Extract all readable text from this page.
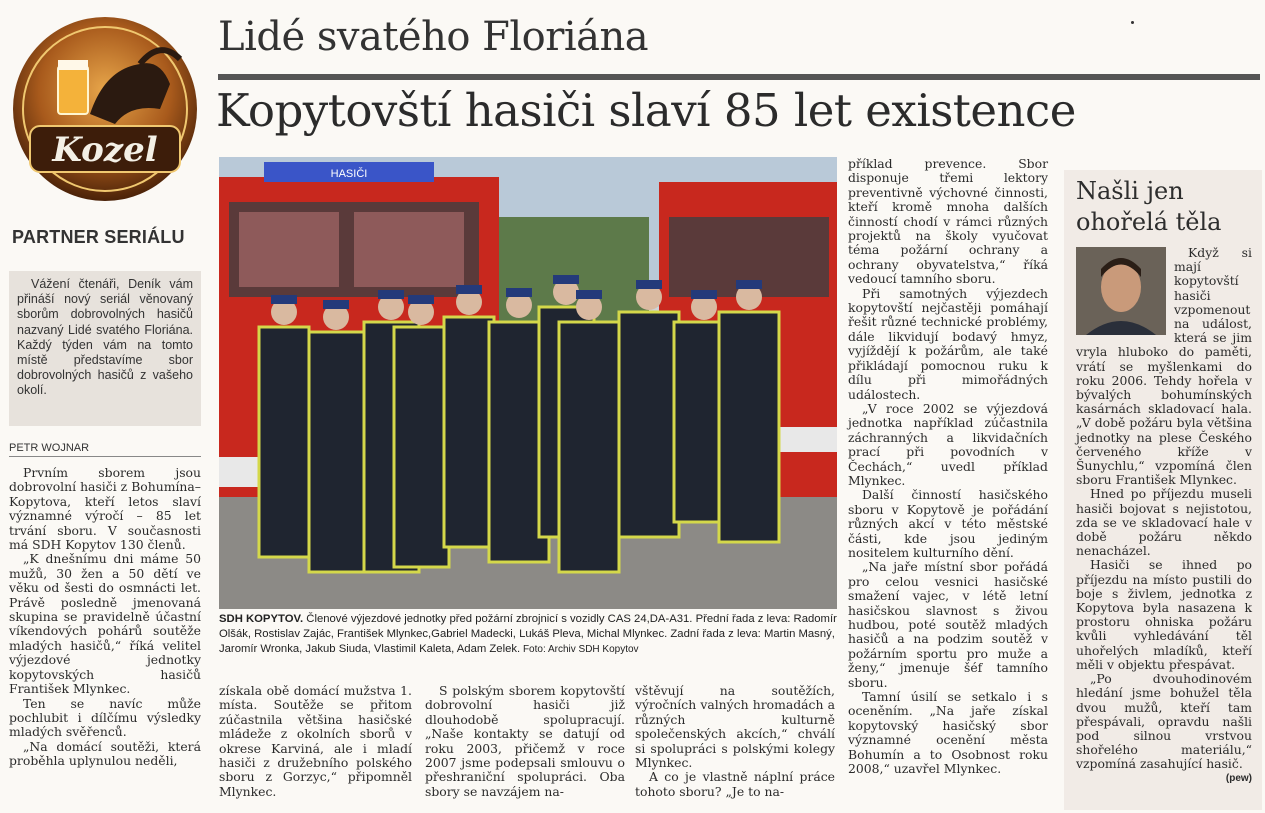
Kozel
PARTNER SERIÁLU
Lidé svatého Floriána
Kopytovští hasiči slaví 85 let existence

Vážení čtenáři, Deník vám přináší nový seriál věnovaný sborům dobrovolných hasičů nazvaný Lidé svatého Floriána. Každý týden vám na tomto místě představíme sbor dobrovolných hasičů z vašeho okolí.

PETR WOJNAR

Prvním sborem jsou dobrovolní hasiči z Bohumína–Kopytova, kteří letos slaví významné výročí – 85 let trvání sboru. V současnosti má SDH Kopytov 130 členů.

„K dnešnímu dni máme 50 mužů, 30 žen a 50 dětí ve věku od šesti do osmnácti let. Právě posledně jmenovaná skupina se pravidelně účastní víkendových pohárů soutěže mladých hasičů,“ říká velitel výjezdové jednotky kopytovských hasičů František Mlynkec.

Ten se navíc může pochlubit i dílčímu výsledky mladých svěřenců.

„Na domácí soutěži, která proběhla uplynulou neděli,

HASIČI
SDH KOPYTOV. Členové výjezdové jednotky před požární zbrojnicí s vozidly CAS 24,DA-A31. Přední řada z leva: Radomír Olšák, Rostislav Zajác, František Mlynkec,Gabriel Madecki, Lukáš Pleva, Michal Mlynkec. Zadní řada z leva: Martin Masný, Jaromír Wronka, Jakub Siuda, Vlastimil Kaleta, Adam Zelek. Foto: Archiv SDH Kopytov

získala obě domácí mužstva 1. místa. Soutěže se přitom zúčastnila většina hasičské mládeže z okolních sborů v okrese Karviná, ale i mladí hasiči z družebního polského sboru z Gorzyc,“ připomněl Mlynkec.

S polským sborem kopytovští dobrovolní hasiči již dlouhodobě spolupracují. „Naše kontakty se datují od roku 2003, přičemž v roce 2007 jsme podepsali smlouvu o přeshraniční spolupráci. Oba sbory se navzájem na-

vštěvují na soutěžích, výročních valných hromadách a různých kulturně společenských akcích,“ chválí si spolupráci s polskými kolegy Mlynkec.

A co je vlastně náplní práce tohoto sboru? „Je to na-

příklad prevence. Sbor disponuje třemi lektory preventivně výchovné činnosti, kteří kromě mnoha dalších činností chodí v rámci různých projektů na školy vyučovat téma požární ochrany a ochrany obyvatelstva,“ říká vedoucí tamního sboru.

Při samotných výjezdech kopytovští nejčastěji pomáhají řešit různé technické problémy, dále likvidují bodavý hmyz, vyjíždějí k požárům, ale také přikládají pomocnou ruku k dílu při mimořádných událostech.

„V roce 2002 se výjezdová jednotka například zúčastnila záchranných a likvidačních prací při povodních v Čechách,“ uvedl příklad Mlynkec.

Další činností hasičského sboru v Kopytově je pořádání různých akcí v této městské části, kde jsou jediným nositelem kulturního dění.

„Na jaře místní sbor pořádá pro celou vesnici hasičské smažení vajec, v létě letní hasičskou slavnost s živou hudbou, poté soutěž mladých hasičů a na podzim soutěž v požárním sportu pro muže a ženy,“ jmenuje šéf tamního sboru.

Tamní úsilí se setkalo i s oceněním. „Na jaře získal kopytovský hasičský sbor významné ocenění města Bohumín a to Osobnost roku 2008,“ uzavřel Mlynkec.

Našli jen ohořelá těla

Když si mají kopytovští hasiči vzpomenout na událost, která se jim vryla hluboko do paměti, vrátí se myšlenkami do roku 2006. Tehdy hořela v bývalých bohumínských kasárnách skladovací hala. „V době požáru byla většina jednotky na plese Českého červeného kříže v Šunychlu,“ vzpomíná člen sboru František Mlynkec.

Hned po příjezdu museli hasiči bojovat s nejistotou, zda se ve skladovací hale v době požáru někdo nenacházel.

Hasiči se ihned po příjezdu na místo pustili do boje s živlem, jednotka z Kopytova byla nasazena k prostoru ohniska požáru kvůli vyhledávání těl uhořelých mladíků, kteří měli v objektu přespávat.

„Po dvouhodinovém hledání jsme bohužel těla dvou mužů, kteří tam přespávali, opravdu našli pod silnou vrstvou shořelého materiálu,“ vzpomíná zasahující hasič.
(pew)
